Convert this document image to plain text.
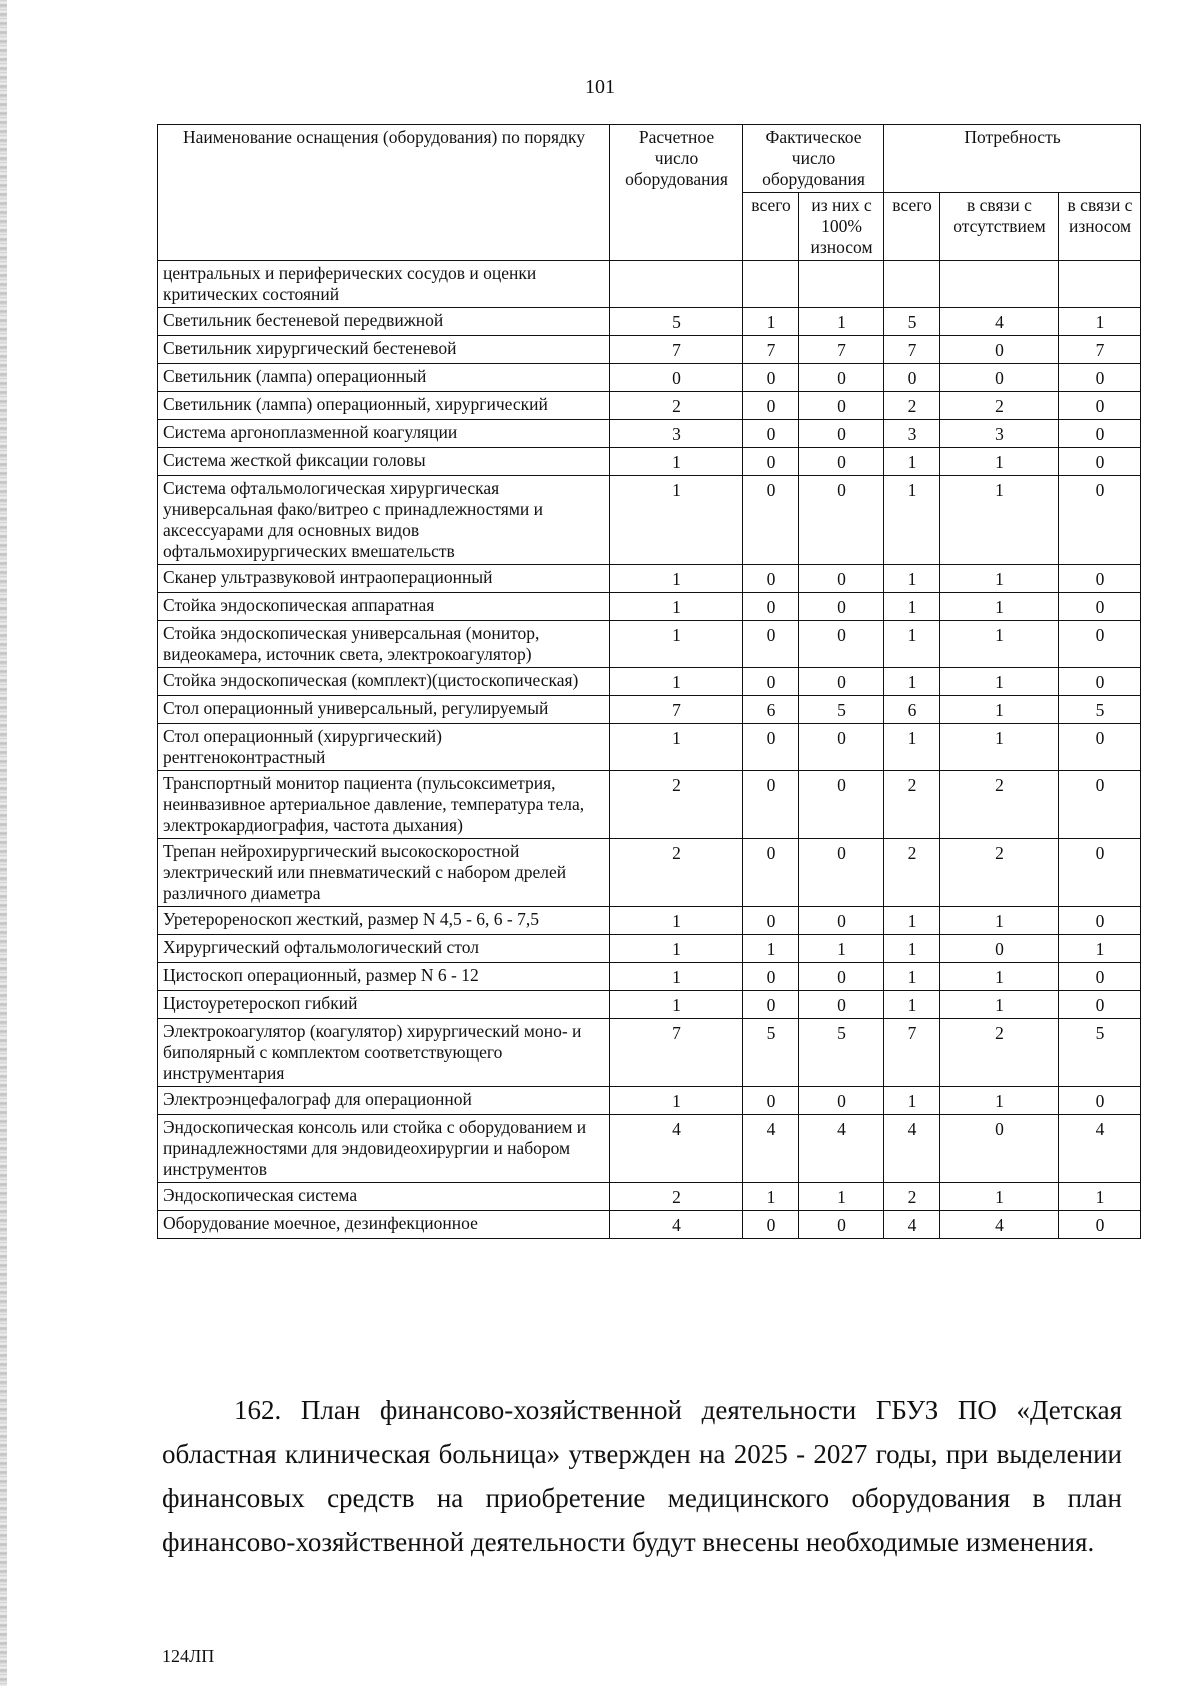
101
Наименование оснащения (оборудования) по порядку	Расчетное число оборудования	Фактическое число оборудования		Потребность		
		всего	из них с 100% износом	всего	в связи с отсутствием	в связи с износом
центральных и периферических сосудов и оценки критических состояний						
Светильник бестеневой передвижной	5	1	1	5	4	1
Светильник хирургический бестеневой	7	7	7	7	0	7
Светильник (лампа) операционный	0	0	0	0	0	0
Светильник (лампа) операционный, хирургический	2	0	0	2	2	0
Система аргоноплазменной коагуляции	3	0	0	3	3	0
Система жесткой фиксации головы	1	0	0	1	1	0
Система офтальмологическая хирургическая универсальная фако/витрео с принадлежностями и аксессуарами для основных видов офтальмохирургических вмешательств	1	0	0	1	1	0
Сканер ультразвуковой интраоперационный	1	0	0	1	1	0
Стойка эндоскопическая аппаратная	1	0	0	1	1	0
Стойка эндоскопическая универсальная (монитор, видеокамера, источник света, электрокоагулятор)	1	0	0	1	1	0
Стойка эндоскопическая (комплект)(цистоскопическая)	1	0	0	1	1	0
Стол операционный универсальный, регулируемый	7	6	5	6	1	5
Стол операционный (хирургический) рентгеноконтрастный	1	0	0	1	1	0
Транспортный монитор пациента (пульсоксиметрия, неинвазивное артериальное давление, температура тела, электрокардиография, частота дыхания)	2	0	0	2	2	0
Трепан нейрохирургический высокоскоростной электрический или пневматический с набором дрелей различного диаметра	2	0	0	2	2	0
Уретерореноскоп жесткий, размер N 4,5 - 6, 6 - 7,5	1	0	0	1	1	0
Хирургический офтальмологический стол	1	1	1	1	0	1
Цистоскоп операционный, размер N 6 - 12	1	0	0	1	1	0
Цистоуретероскоп гибкий	1	0	0	1	1	0
Электрокоагулятор (коагулятор) хирургический моно- и биполярный с комплектом соответствующего инструментария	7	5	5	7	2	5
Электроэнцефалограф для операционной	1	0	0	1	1	0
Эндоскопическая консоль или стойка с оборудованием и принадлежностями для эндовидеохирургии и набором инструментов	4	4	4	4	0	4
Эндоскопическая система	2	1	1	2	1	1
Оборудование моечное, дезинфекционное	4	0	0	4	4	0
162. План финансово-хозяйственной деятельности ГБУЗ ПО «Детская областная клиническая больница» утвержден на 2025 - 2027 годы, при выделении финансовых средств на приобретение медицинского оборудования в план финансово-хозяйственной деятельности будут внесены необходимые изменения.
124ЛП
